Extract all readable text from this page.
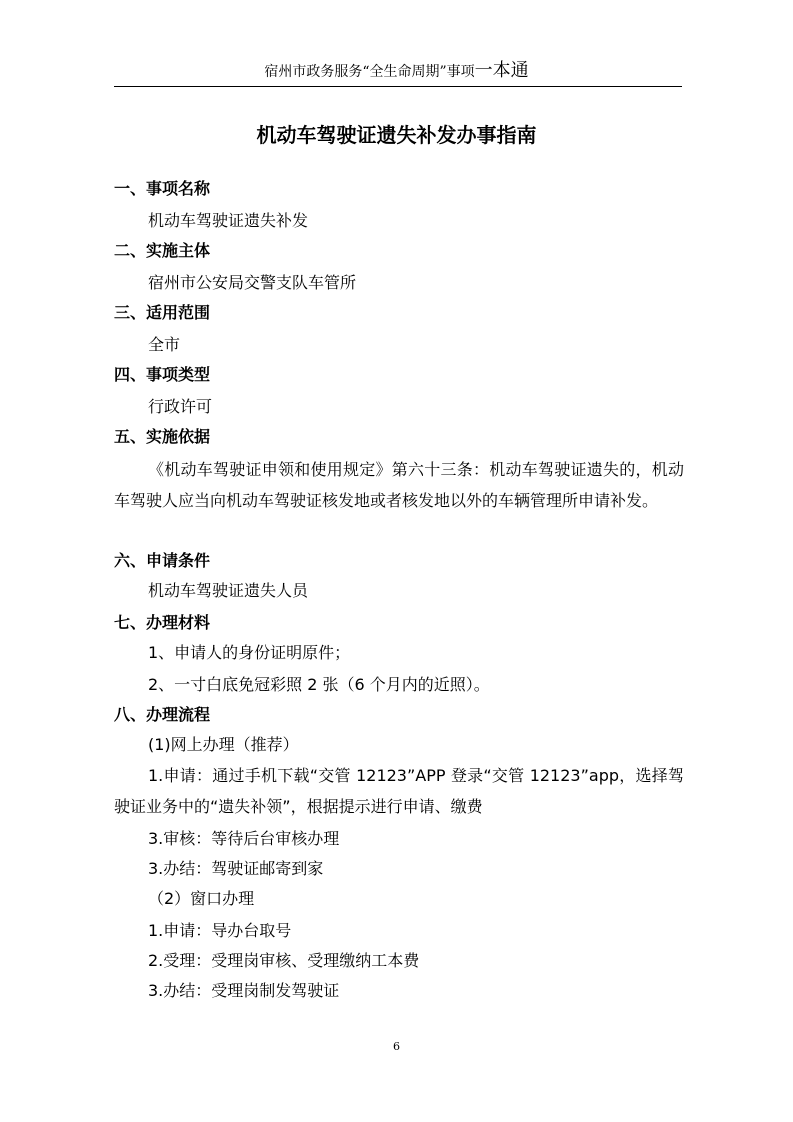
宿州市政务服务“全生命周期”事项一本通
机动车驾驶证遗失补发办事指南
一、事项名称
机动车驾驶证遗失补发
二、实施主体
宿州市公安局交警支队车管所
三、适用范围
全市
四、事项类型
行政许可
五、实施依据
《机动车驾驶证申领和使用规定》第六十三条：机动车驾驶证遗失的，机动车驾驶人应当向机动车驾驶证核发地或者核发地以外的车辆管理所申请补发。
六、申请条件
机动车驾驶证遗失人员
七、办理材料
1、申请人的身份证明原件；
2、一寸白底免冠彩照 2 张（6 个月内的近照）。
八、办理流程
(1)网上办理（推荐）
1.申请：通过手机下载“交管 12123”APP 登录“交管 12123”app，选择驾驶证业务中的“遗失补领”，根据提示进行申请、缴费
3.审核：等待后台审核办理
3.办结：驾驶证邮寄到家
（2）窗口办理
1.申请：导办台取号
2.受理：受理岗审核、受理缴纳工本费
3.办结：受理岗制发驾驶证
6
